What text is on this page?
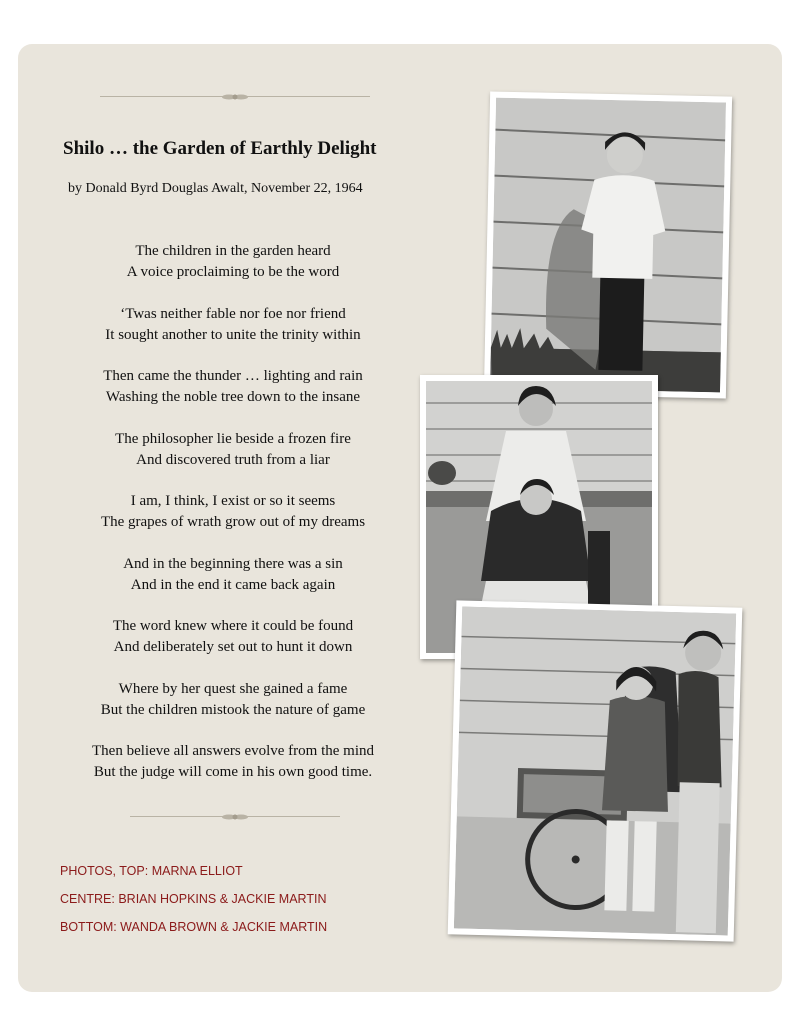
Shilo … the Garden of Earthly Delight
by Donald Byrd Douglas Awalt, November 22, 1964
The children in the garden heard
A voice proclaiming to be the word
‘Twas neither fable nor foe nor friend
It sought another to unite the trinity within
Then came the thunder … lighting and rain
Washing the noble tree down to the insane
The philosopher lie beside a frozen fire
And discovered truth from a liar
I am, I think, I exist or so it seems
The grapes of wrath grow out of my dreams
And in the beginning there was a sin
And in the end it came back again
The word knew where it could be found
And deliberately set out to hunt it down
Where by her quest she gained a fame
But the children mistook the nature of game
Then believe all answers evolve from the mind
But the judge will come in his own good time.
PHOTOS, TOP: MARNA ELLIOT
CENTRE: BRIAN HOPKINS & JACKIE MARTIN
BOTTOM: WANDA BROWN & JACKIE MARTIN
